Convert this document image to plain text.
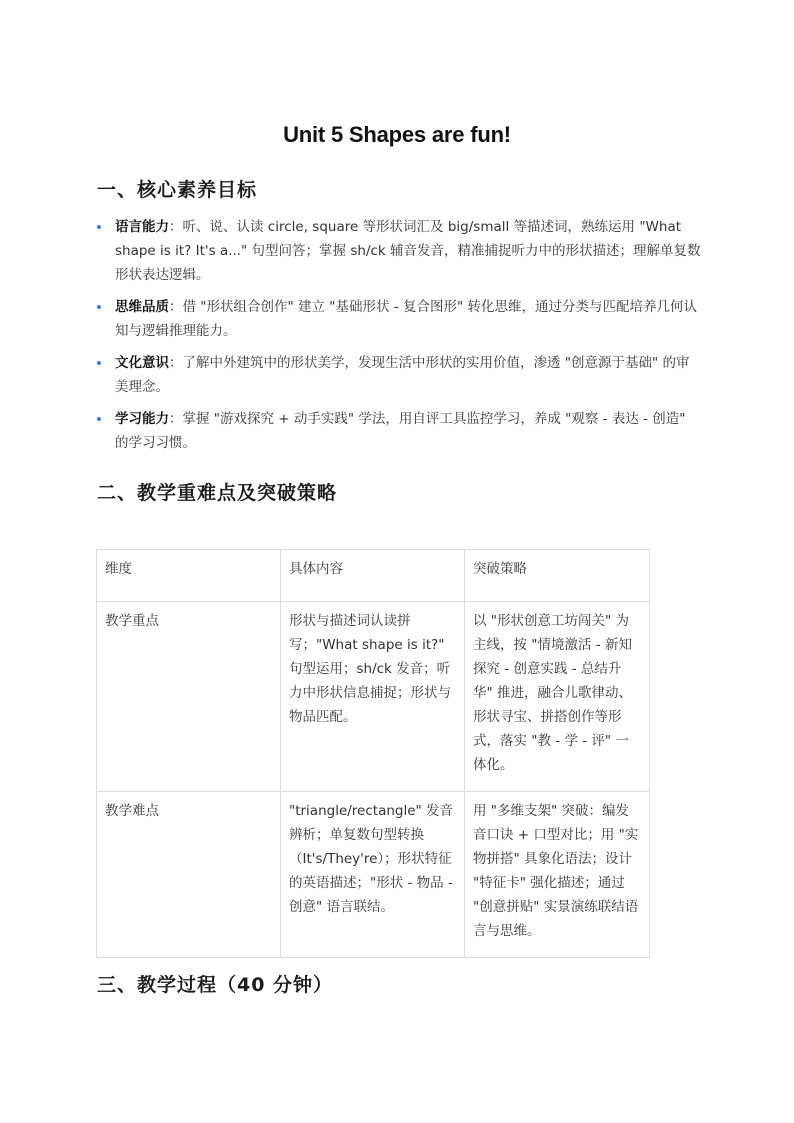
Unit 5 Shapes are fun!
一、核心素养目标
语言能力：听、说、认读 circle, square 等形状词汇及 big/small 等描述词，熟练运用 "What shape is it? It's a..." 句型问答；掌握 sh/ck 辅音发音，精准捕捉听力中的形状描述；理解单复数形状表达逻辑。
思维品质：借 "形状组合创作" 建立 "基础形状 - 复合图形" 转化思维，通过分类与匹配培养几何认知与逻辑推理能力。
文化意识：了解中外建筑中的形状美学，发现生活中形状的实用价值，渗透 "创意源于基础" 的审美理念。
学习能力：掌握 "游戏探究 + 动手实践" 学法，用自评工具监控学习，养成 "观察 - 表达 - 创造" 的学习习惯。
二、教学重难点及突破策略
维度	具体内容	突破策略
教学重点	形状与描述词认读拼写；"What shape is it?" 句型运用；sh/ck 发音；听力中形状信息捕捉；形状与物品匹配。	以 "形状创意工坊闯关" 为主线，按 "情境激活 - 新知探究 - 创意实践 - 总结升华" 推进，融合儿歌律动、形状寻宝、拼搭创作等形式，落实 "教 - 学 - 评" 一体化。
教学难点	"triangle/rectangle" 发音辨析；单复数句型转换（It's/They're）；形状特征的英语描述；"形状 - 物品 - 创意" 语言联结。	用 "多维支架" 突破：编发音口诀 + 口型对比；用 "实物拼搭" 具象化语法；设计 "特征卡" 强化描述；通过 "创意拼贴" 实景演练联结语言与思维。
三、教学过程（40 分钟）
